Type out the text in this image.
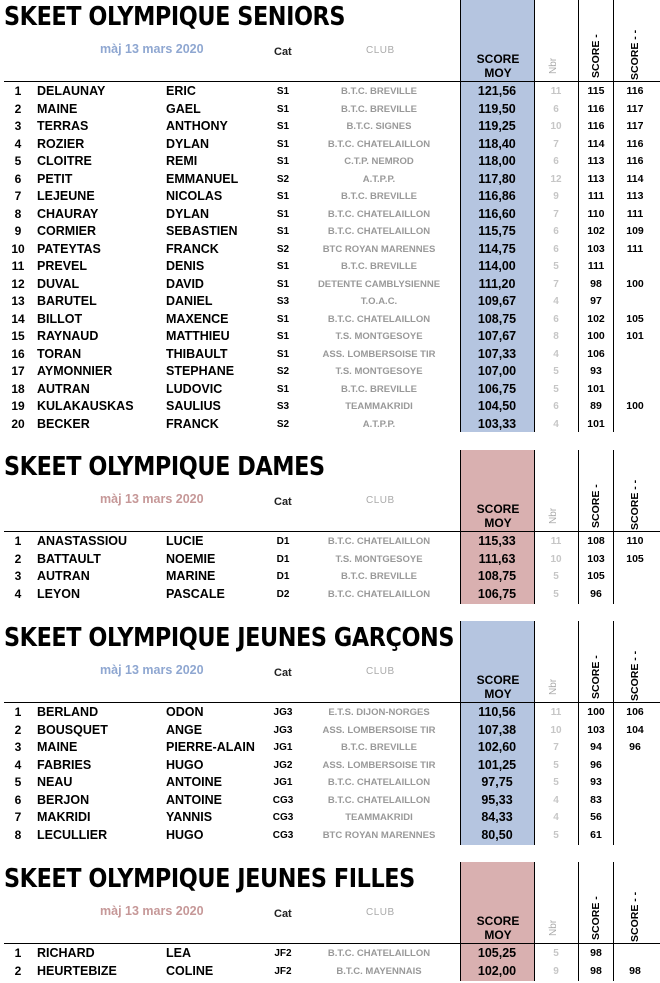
SKEET OLYMPIQUE SENIORS
màj 13 mars 2020	Cat	CLUB
SCORE MOY	Nbr	SCORE -	SCORE - -
1	DELAUNAY	ERIC	S1	B.T.C. BREVILLE	121,56	11	115	116
2	MAINE	GAEL	S1	B.T.C. BREVILLE	119,50	6	116	117
3	TERRAS	ANTHONY	S1	B.T.C. SIGNES	119,25	10	116	117
4	ROZIER	DYLAN	S1	B.T.C. CHATELAILLON	118,40	7	114	116
5	CLOITRE	REMI	S1	C.T.P. NEMROD	118,00	6	113	116
6	PETIT	EMMANUEL	S2	A.T.P.P.	117,80	12	113	114
7	LEJEUNE	NICOLAS	S1	B.T.C. BREVILLE	116,86	9	111	113
8	CHAURAY	DYLAN	S1	B.T.C. CHATELAILLON	116,60	7	110	111
9	CORMIER	SEBASTIEN	S1	B.T.C. CHATELAILLON	115,75	6	102	109
10 PATEYTAS	FRANCK	S2	BTC ROYAN MARENNES	114,75	6	103	111
11 PREVEL	DENIS	S1	B.T.C. BREVILLE	114,00	5	111
12 DUVAL	DAVID	S1	DETENTE CAMBLYSIENNE	111,20	7	98	100
13 BARUTEL	DANIEL	S3	T.O.A.C.	109,67	4	97
14 BILLOT	MAXENCE	S1	B.T.C. CHATELAILLON	108,75	6	102	105
15 RAYNAUD	MATTHIEU	S1	T.S. MONTGESOYE	107,67	8	100	101
16 TORAN	THIBAULT	S1	ASS. LOMBERSOISE TIR	107,33	4	106
17 AYMONNIER	STEPHANE	S2	T.S. MONTGESOYE	107,00	5	93
18 AUTRAN	LUDOVIC	S1	B.T.C. BREVILLE	106,75	5	101
19 KULAKAUSKAS	SAULIUS	S3	TEAMMAKRIDI	104,50	6	89	100
20 BECKER	FRANCK	S2	A.T.P.P.	103,33	4	101
SKEET OLYMPIQUE DAMES
màj 13 mars 2020	Cat	CLUB
SCORE MOY	Nbr	SCORE -	SCORE - -
1	ANASTASSIOU	LUCIE	D1	B.T.C. CHATELAILLON	115,33	11	108	110
2	BATTAULT	NOEMIE	D1	T.S. MONTGESOYE	111,63	10	103	105
3	AUTRAN	MARINE	D1	B.T.C. BREVILLE	108,75	5	105
4	LEYON	PASCALE	D2	B.T.C. CHATELAILLON	106,75	5	96
SKEET OLYMPIQUE JEUNES GARÇONS
màj 13 mars 2020	Cat	CLUB
SCORE MOY	Nbr	SCORE -	SCORE - -
1	BERLAND	ODON	JG3	E.T.S. DIJON-NORGES	110,56	11	100	106
2	BOUSQUET	ANGE	JG3	ASS. LOMBERSOISE TIR	107,38	10	103	104
3	MAINE	PIERRE-ALAIN	JG1	B.T.C. BREVILLE	102,60	7	94	96
4	FABRIES	HUGO	JG2	ASS. LOMBERSOISE TIR	101,25	5	96
5	NEAU	ANTOINE	JG1	B.T.C. CHATELAILLON	97,75	5	93
6	BERJON	ANTOINE	CG3	B.T.C. CHATELAILLON	95,33	4	83
7	MAKRIDI	YANNIS	CG3	TEAMMAKRIDI	84,33	4	56
8	LECULLIER	HUGO	CG3	BTC ROYAN MARENNES	80,50	5	61
SKEET OLYMPIQUE JEUNES FILLES
màj 13 mars 2020	Cat	CLUB
SCORE MOY	Nbr	SCORE -	SCORE - -
1	RICHARD	LEA	JF2	B.T.C. CHATELAILLON	105,25	5	98
2	HEURTEBIZE	COLINE	JF2	B.T.C. MAYENNAIS	102,00	9	98	98
